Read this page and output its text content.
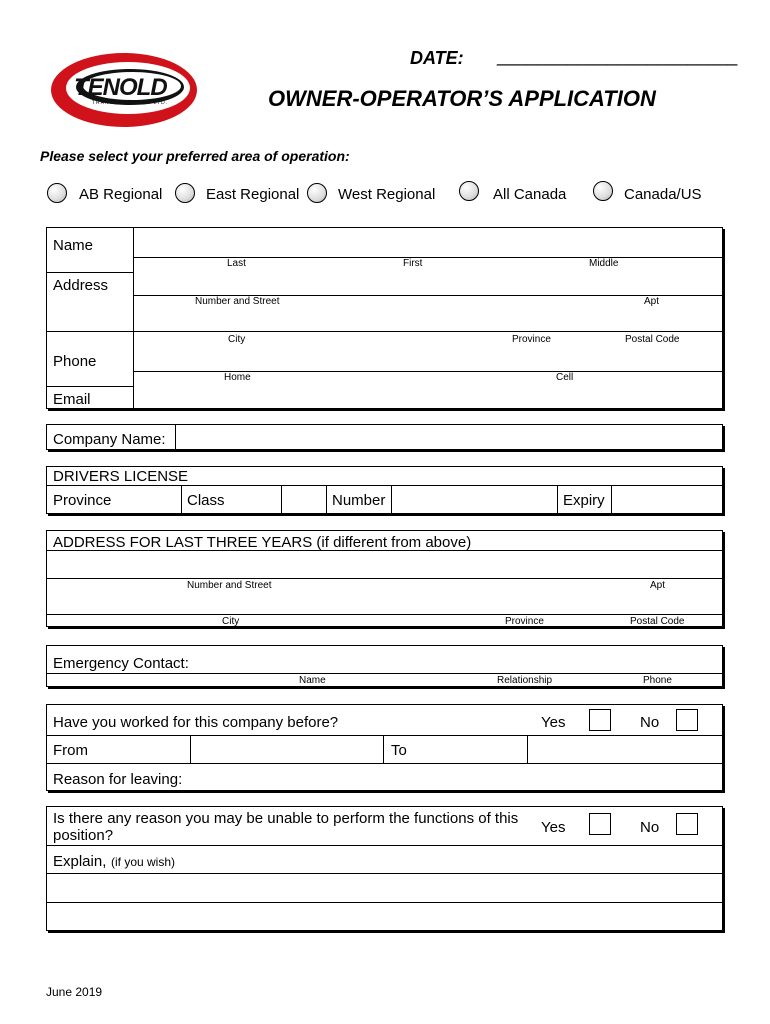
TENOLD
TRANSPORTATION LTD.
DATE: ________________________
OWNER-OPERATOR’S APPLICATION
Please select your preferred area of operation:
AB Regional	East Regional	West Regional	All Canada	Canada/US
Name
Last	First	Middle
Address
Number and Street	Apt
City	Province	Postal Code
Phone
Home	Cell
Email
Company Name:
DRIVERS LICENSE
Province	Class	Number	Expiry
ADDRESS FOR LAST THREE YEARS (if different from above)
Number and Street	Apt
City	Province	Postal Code
Emergency Contact:
Name	Relationship	Phone
Have you worked for this company before?	Yes	No
From	To
Reason for leaving:
Is there any reason you may be unable to perform the functions of this position?	Yes	No
Explain, (if you wish)
June 2019
